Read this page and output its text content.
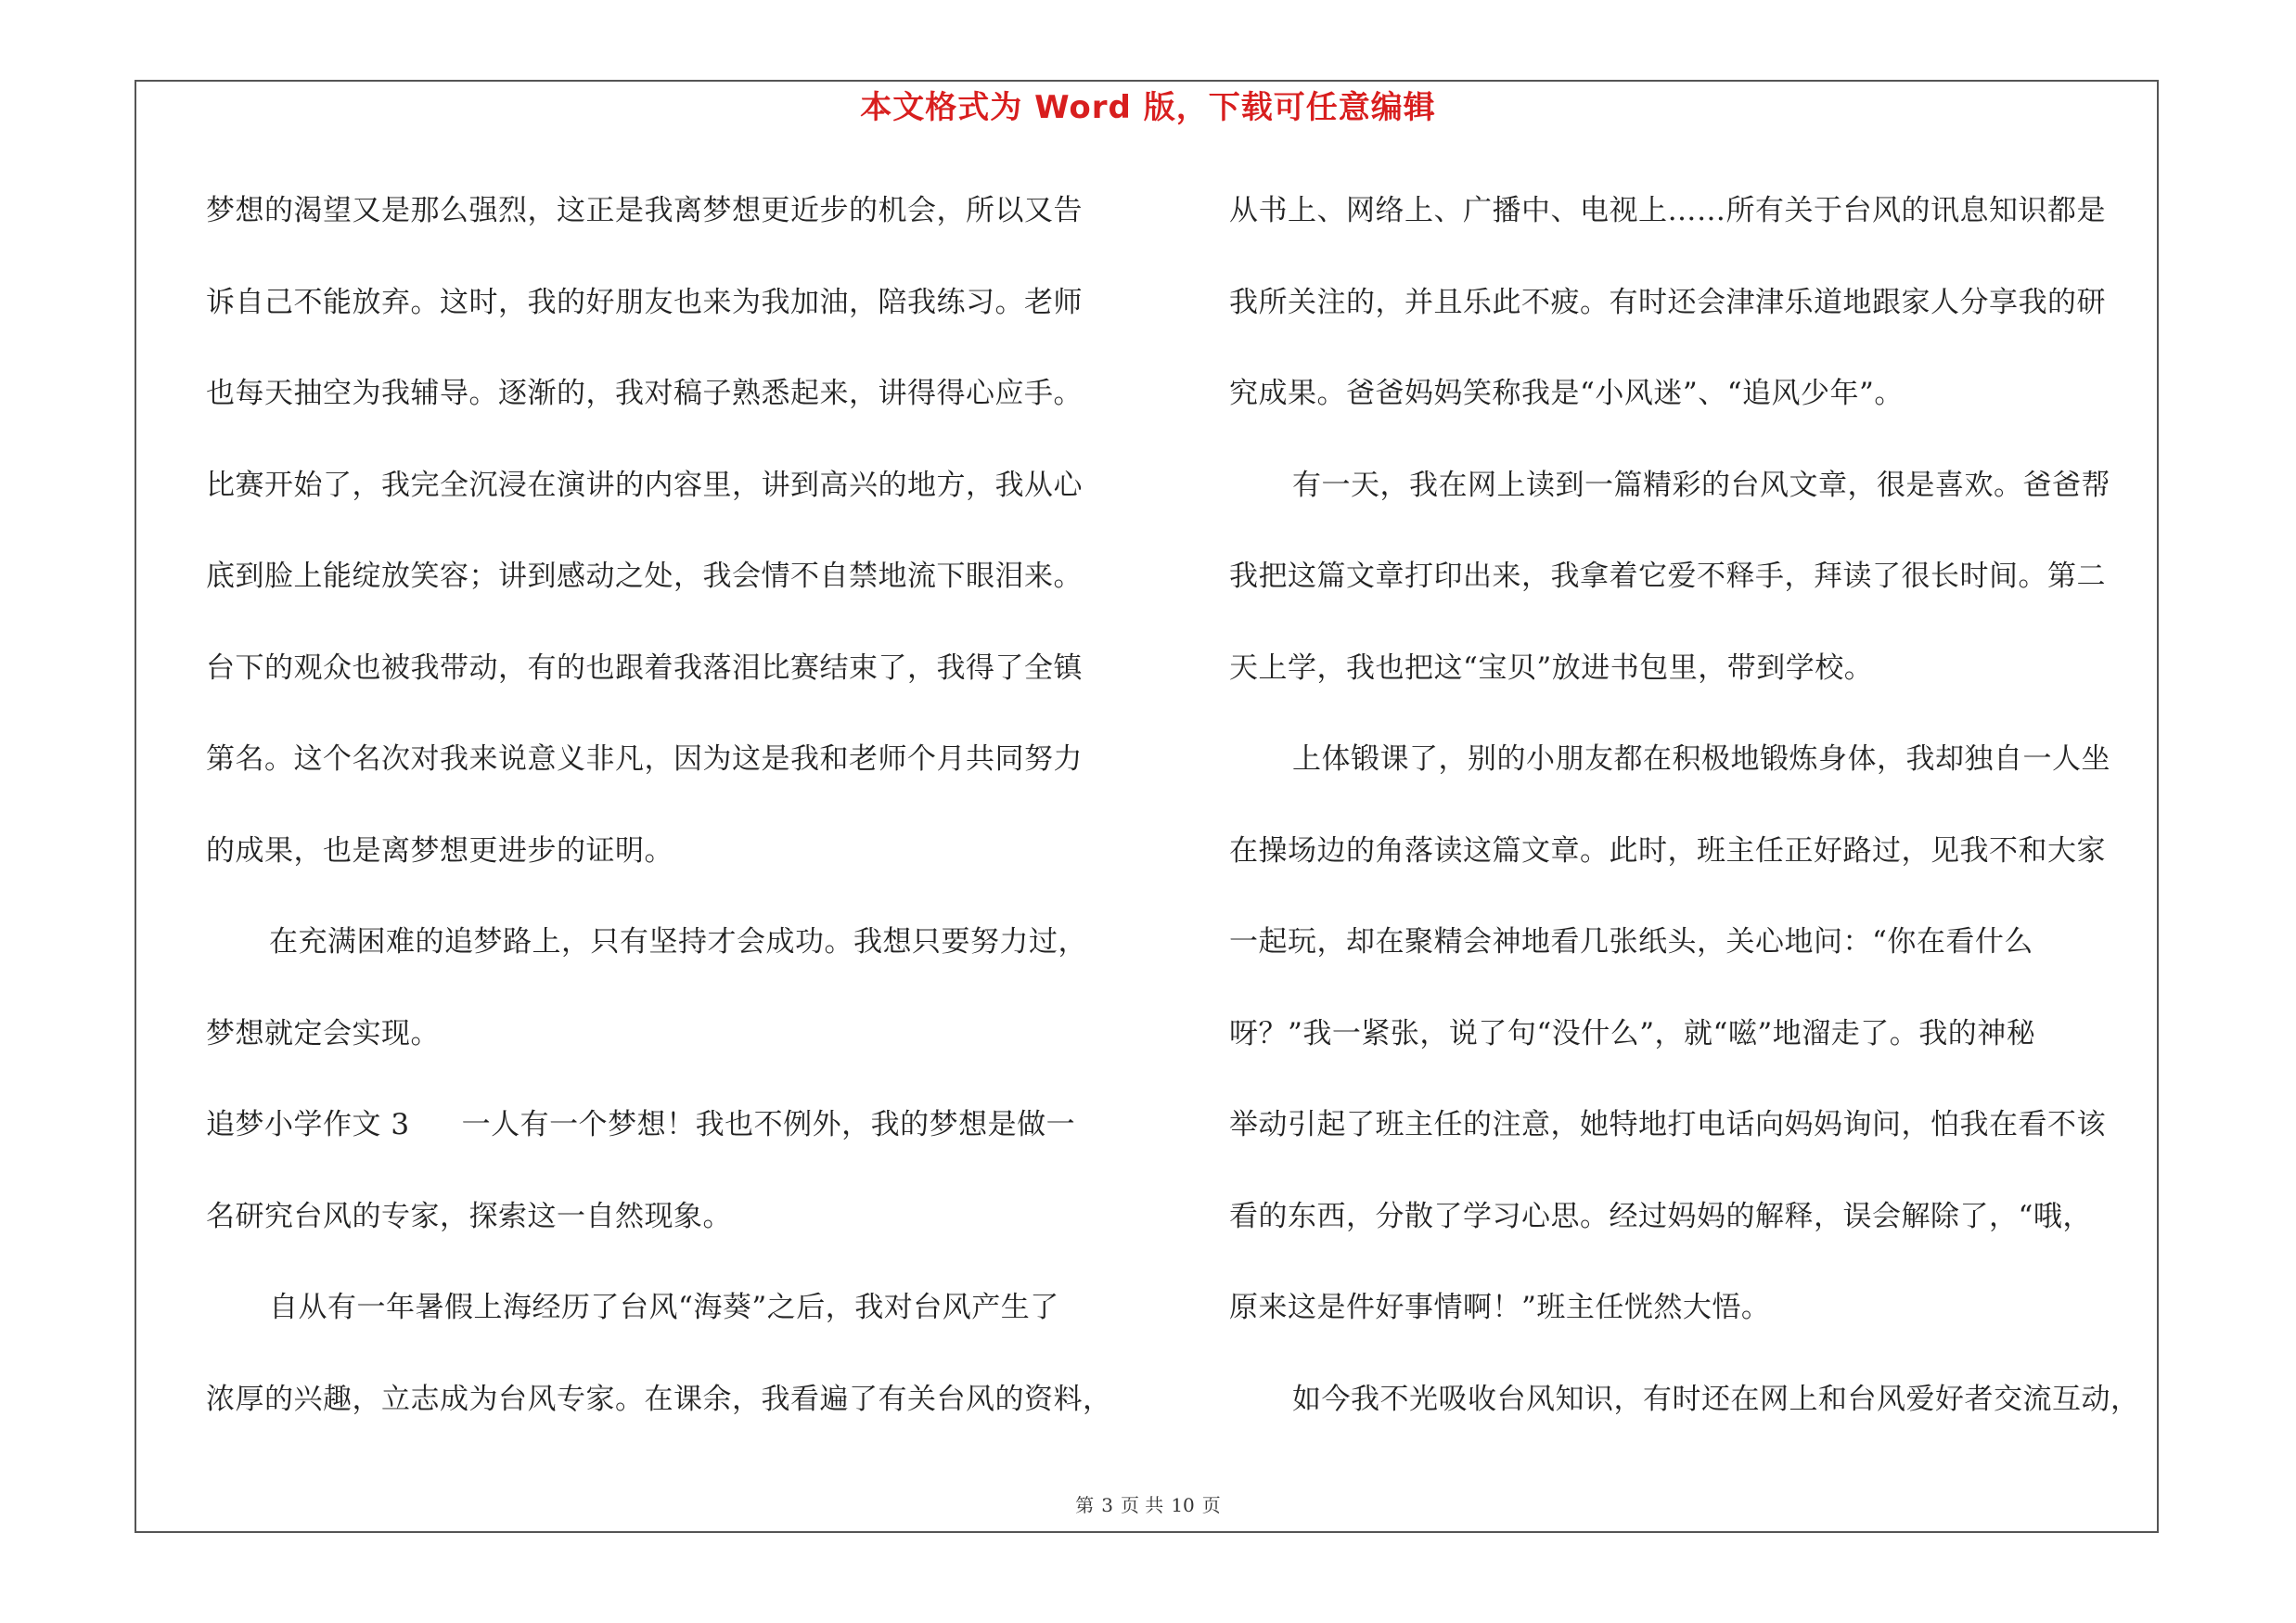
本文格式为 Word 版，下载可任意编辑
梦想的渴望又是那么强烈，这正是我离梦想更近步的机会，所以又告
诉自己不能放弃。这时，我的好朋友也来为我加油，陪我练习。老师
也每天抽空为我辅导。逐渐的，我对稿子熟悉起来，讲得得心应手。
比赛开始了，我完全沉浸在演讲的内容里，讲到高兴的地方，我从心
底到脸上能绽放笑容；讲到感动之处，我会情不自禁地流下眼泪来。
台下的观众也被我带动，有的也跟着我落泪比赛结束了，我得了全镇
第名。这个名次对我来说意义非凡，因为这是我和老师个月共同努力
的成果，也是离梦想更进步的证明。
在充满困难的追梦路上，只有坚持才会成功。我想只要努力过，
梦想就定会实现。
追梦小学作文 3 一人有一个梦想！我也不例外，我的梦想是做一
名研究台风的专家，探索这一自然现象。
自从有一年暑假上海经历了台风“海葵”之后，我对台风产生了
浓厚的兴趣，立志成为台风专家。在课余，我看遍了有关台风的资料，
从书上、网络上、广播中、电视上……所有关于台风的讯息知识都是
我所关注的，并且乐此不疲。有时还会津津乐道地跟家人分享我的研
究成果。爸爸妈妈笑称我是“小风迷”、“追风少年”。
有一天，我在网上读到一篇精彩的台风文章，很是喜欢。爸爸帮
我把这篇文章打印出来，我拿着它爱不释手，拜读了很长时间。第二
天上学，我也把这“宝贝”放进书包里，带到学校。
上体锻课了，别的小朋友都在积极地锻炼身体，我却独自一人坐
在操场边的角落读这篇文章。此时，班主任正好路过，见我不和大家
一起玩，却在聚精会神地看几张纸头，关心地问：“你在看什么
呀？”我一紧张，说了句“没什么”，就“嗞”地溜走了。我的神秘
举动引起了班主任的注意，她特地打电话向妈妈询问，怕我在看不该
看的东西，分散了学习心思。经过妈妈的解释，误会解除了，“哦，
原来这是件好事情啊！”班主任恍然大悟。
如今我不光吸收台风知识，有时还在网上和台风爱好者交流互动，
第 3 页 共 10 页
